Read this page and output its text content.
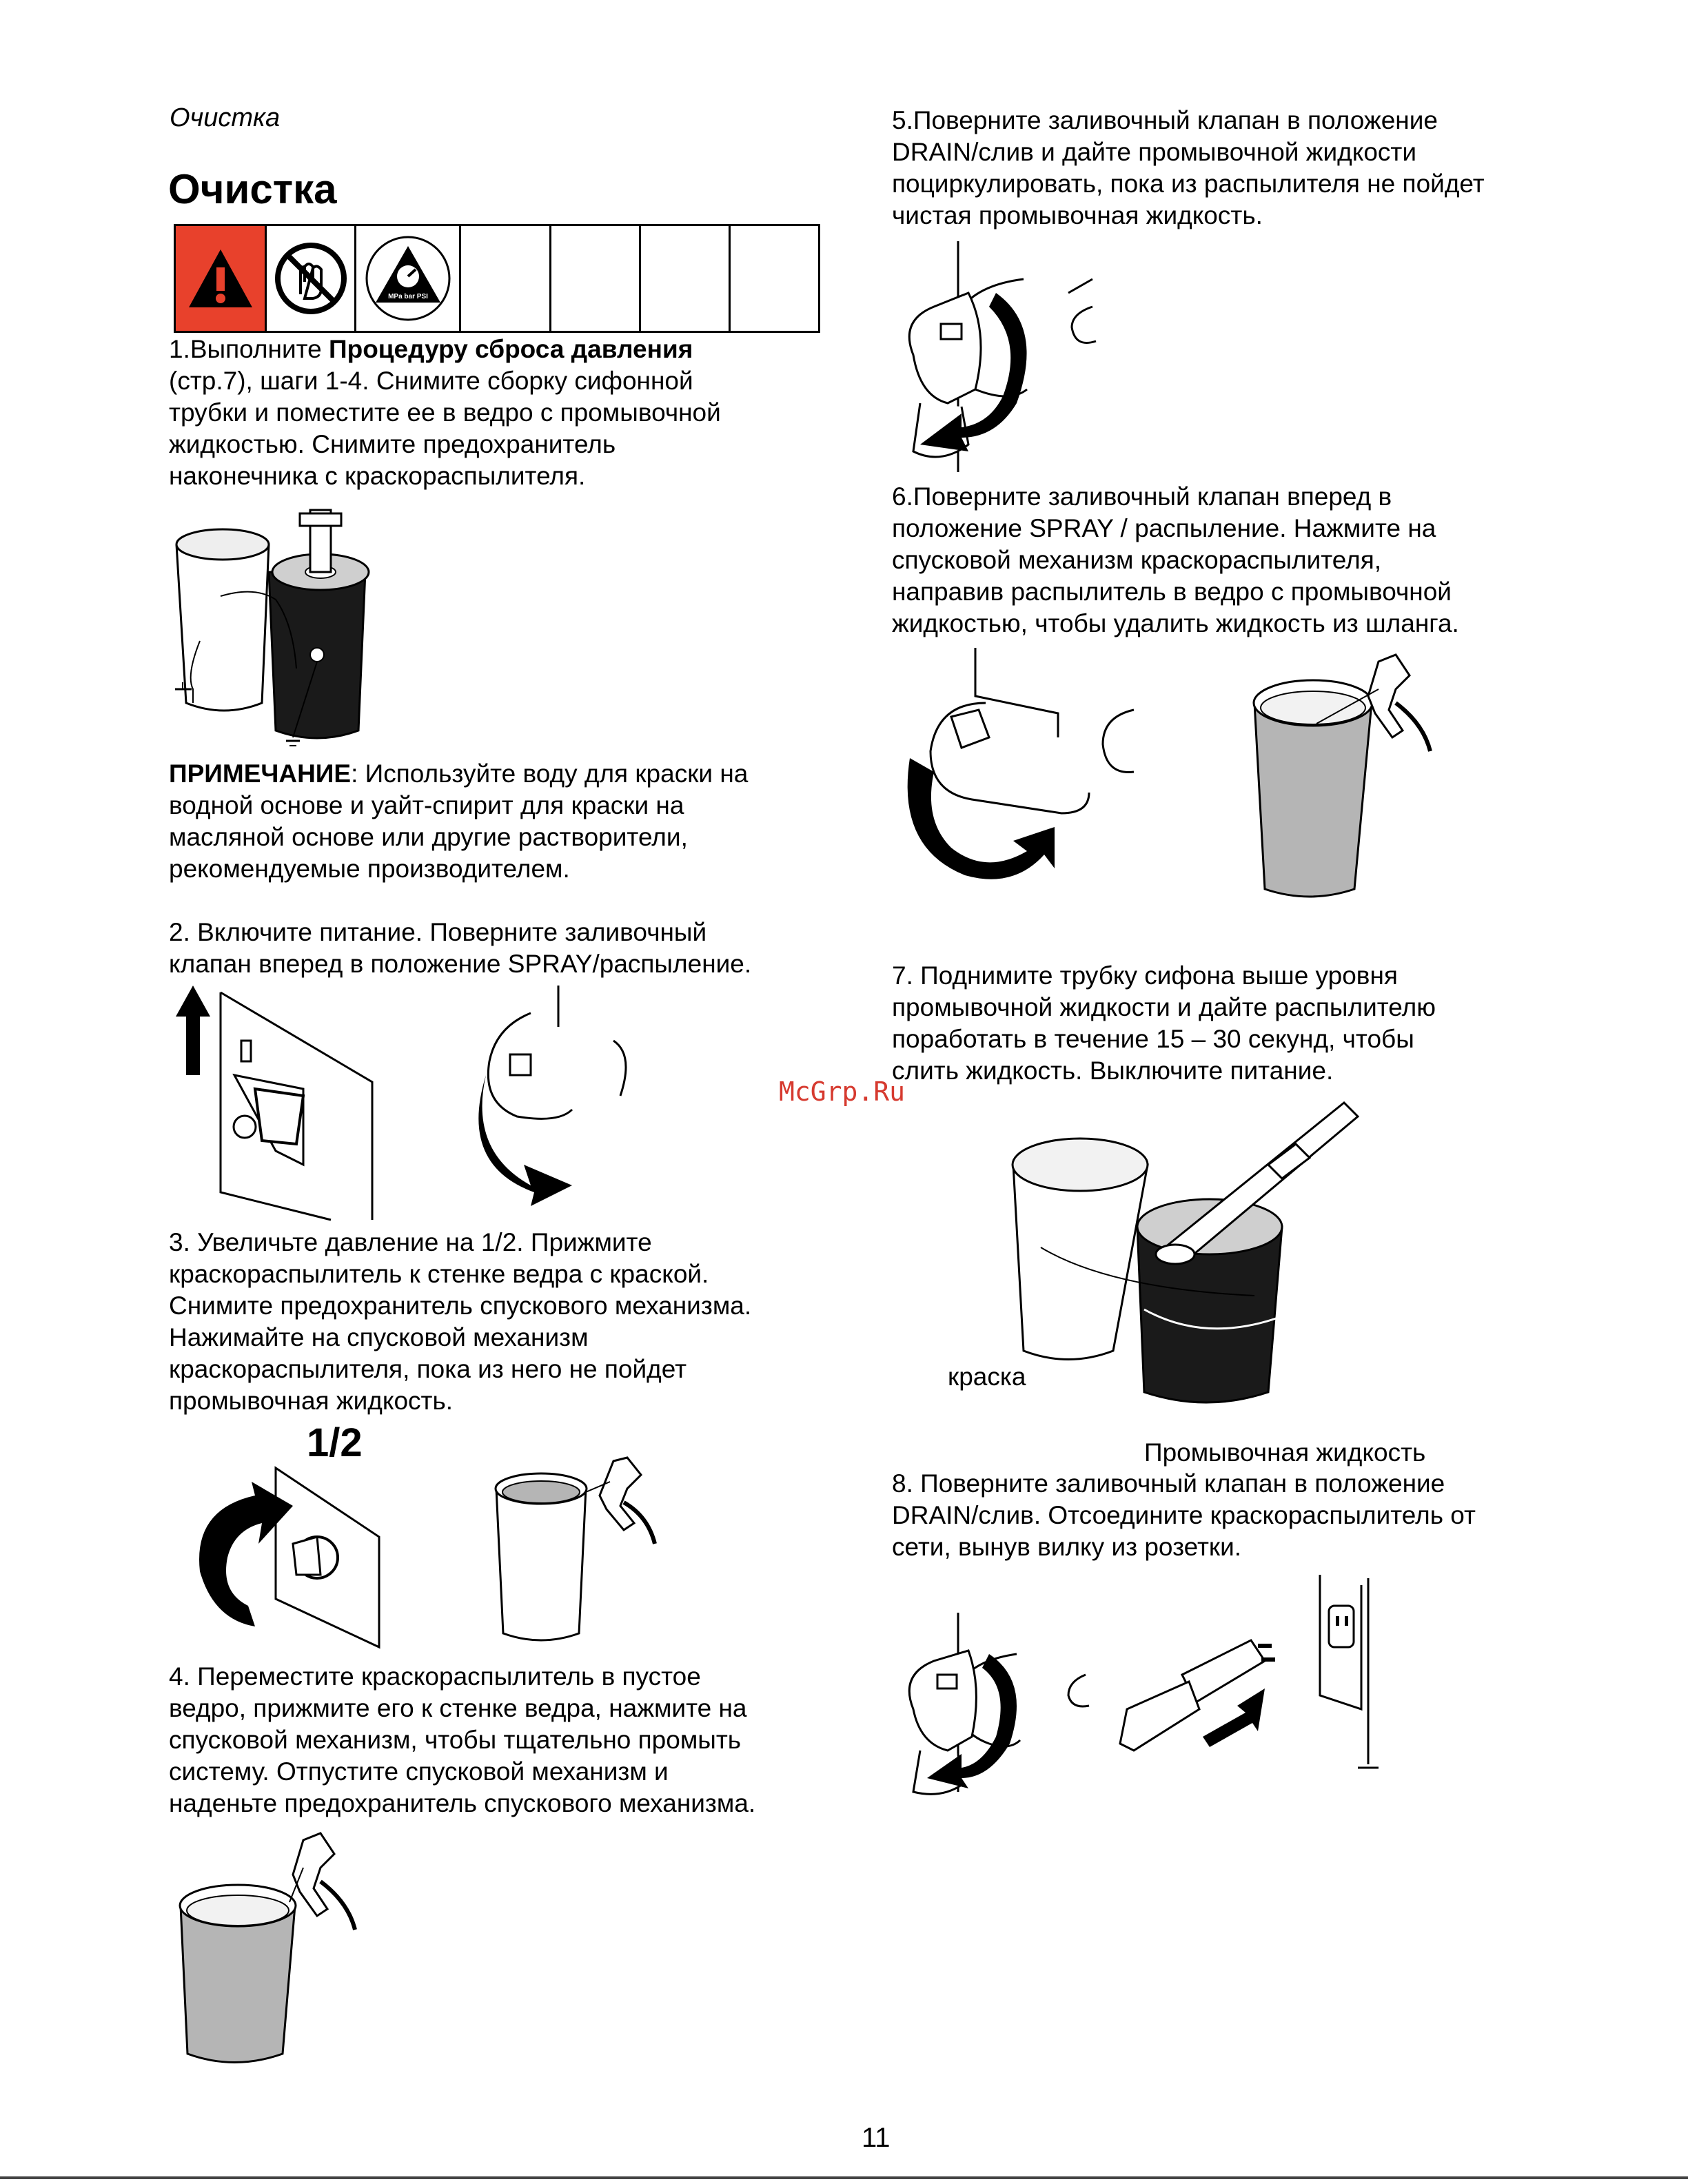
Очистка
Очистка
MPa bar PSI
1.Выполните Процедуру сброса давления
(стр.7), шаги 1-4. Снимите сборку сифонной
трубки и поместите ее в ведро с промывочной
жидкостью. Снимите предохранитель
наконечника с краскораспылителя.
ПРИМЕЧАНИЕ: Используйте воду для краски на
водной основе и уайт-спирит для краски на
масляной основе или другие растворители,
рекомендуемые производителем.
2. Включите питание. Поверните заливочный
клапан вперед в положение SPRAY/распыление.
3. Увеличьте давление на 1/2. Прижмите
краскораспылитель к стенке ведра с краской.
Снимите предохранитель спускового механизма.
Нажимайте на спусковой механизм
краскораспылителя, пока из него не пойдет
промывочная жидкость.
1/2
4. Переместите краскораспылитель в пустое
ведро, прижмите его к стенке ведра, нажмите на
спусковой механизм, чтобы тщательно промыть
систему. Отпустите спусковой механизм и
наденьте предохранитель спускового механизма.
5.Поверните заливочный клапан в положение
DRAIN/слив и дайте промывочной жидкости
поциркулировать, пока из распылителя не пойдет
чистая промывочная жидкость.
6.Поверните заливочный клапан вперед в
положение SPRAY / распыление. Нажмите на
спусковой механизм краскораспылителя,
направив распылитель в ведро с промывочной
жидкостью, чтобы удалить жидкость из шланга.
7. Поднимите трубку сифона выше уровня
промывочной жидкости и дайте распылителю
поработать в течение 15 – 30 секунд, чтобы
слить жидкость. Выключите питание.
McGrp.Ru
краска
Промывочная жидкость
8. Поверните заливочный клапан в положение
DRAIN/слив. Отсоедините краскораспылитель от
сети, вынув вилку из розетки.
11
